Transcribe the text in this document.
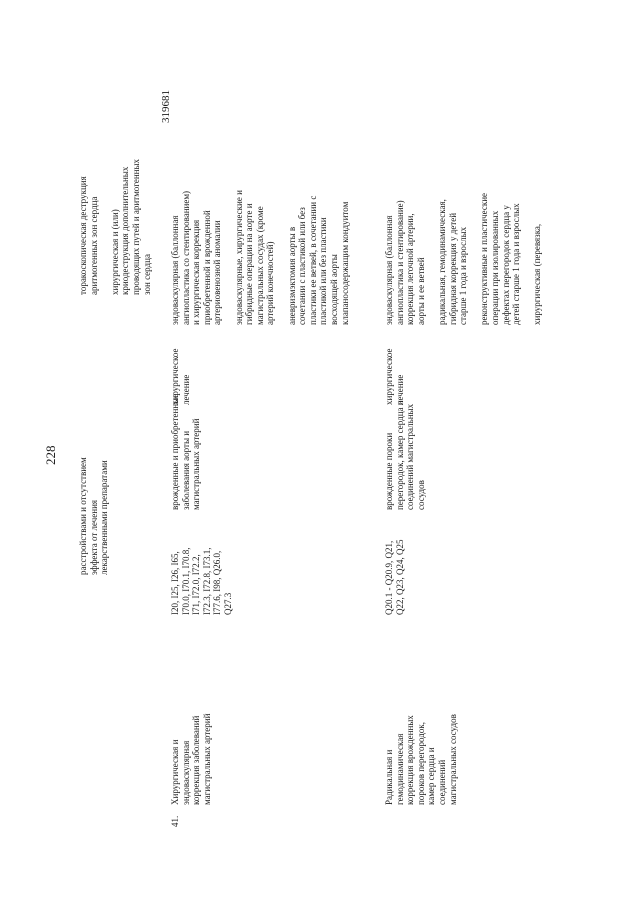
228
319681
расстройствами и отсутствием
эффекта от лечения
лекарственными препаратами
торакоскопическая деструкция
аритмогенных зон сердца

хирургическая и (или)
криодеструкция дополнительных
проводящих путей и аритмогенных
зон сердца
41.
Хирургическая и
эндоваскулярная
коррекция заболеваний
магистральных артерий
I20, I25, I26, I65,
I70.0, I70.1, I70.8,
I71, I72.0, I72.2,
I72.3, I72.8, I73.1,
I77.6, I98, Q26.0,
Q27.3
врожденные и приобретенные
заболевания аорты и
магистральных артерий
хирургическое
лечение
эндоваскулярная (баллонная
ангиопластика со стентированием)
и хирургическая коррекция
приобретенной и врожденной
артериовенозной аномалии

эндоваскулярные, хирургические и
гибридные операции на аорте и
магистральных сосудах (кроме
артерий конечностей)

аневризмэктомия аорты в
сочетании с пластикой или без
пластики ее ветвей, в сочетании с
пластикой или без пластики
восходящей аорты
клапаносодержащим кондуитом
Радикальная и
гемодинамическая
коррекция врожденных
пороков перегородок,
камер сердца и
соединений
магистральных сосудов
Q20.1 - Q20.9, Q21,
Q22, Q23, Q24, Q25
врожденные пороки
перегородок, камер сердца и
соединений магистральных
сосудов
хирургическое
лечение
эндоваскулярная (баллонная
ангиопластика и стентирование)
коррекция легочной артерии,
аорты и ее ветвей

радикальная, гемодинамическая,
гибридная коррекция у детей
старше 1 года и взрослых

реконструктивные и пластические
операции при изолированных
дефектах перегородок сердца у
детей старше 1 года и взрослых

хирургическая (перевязка,
